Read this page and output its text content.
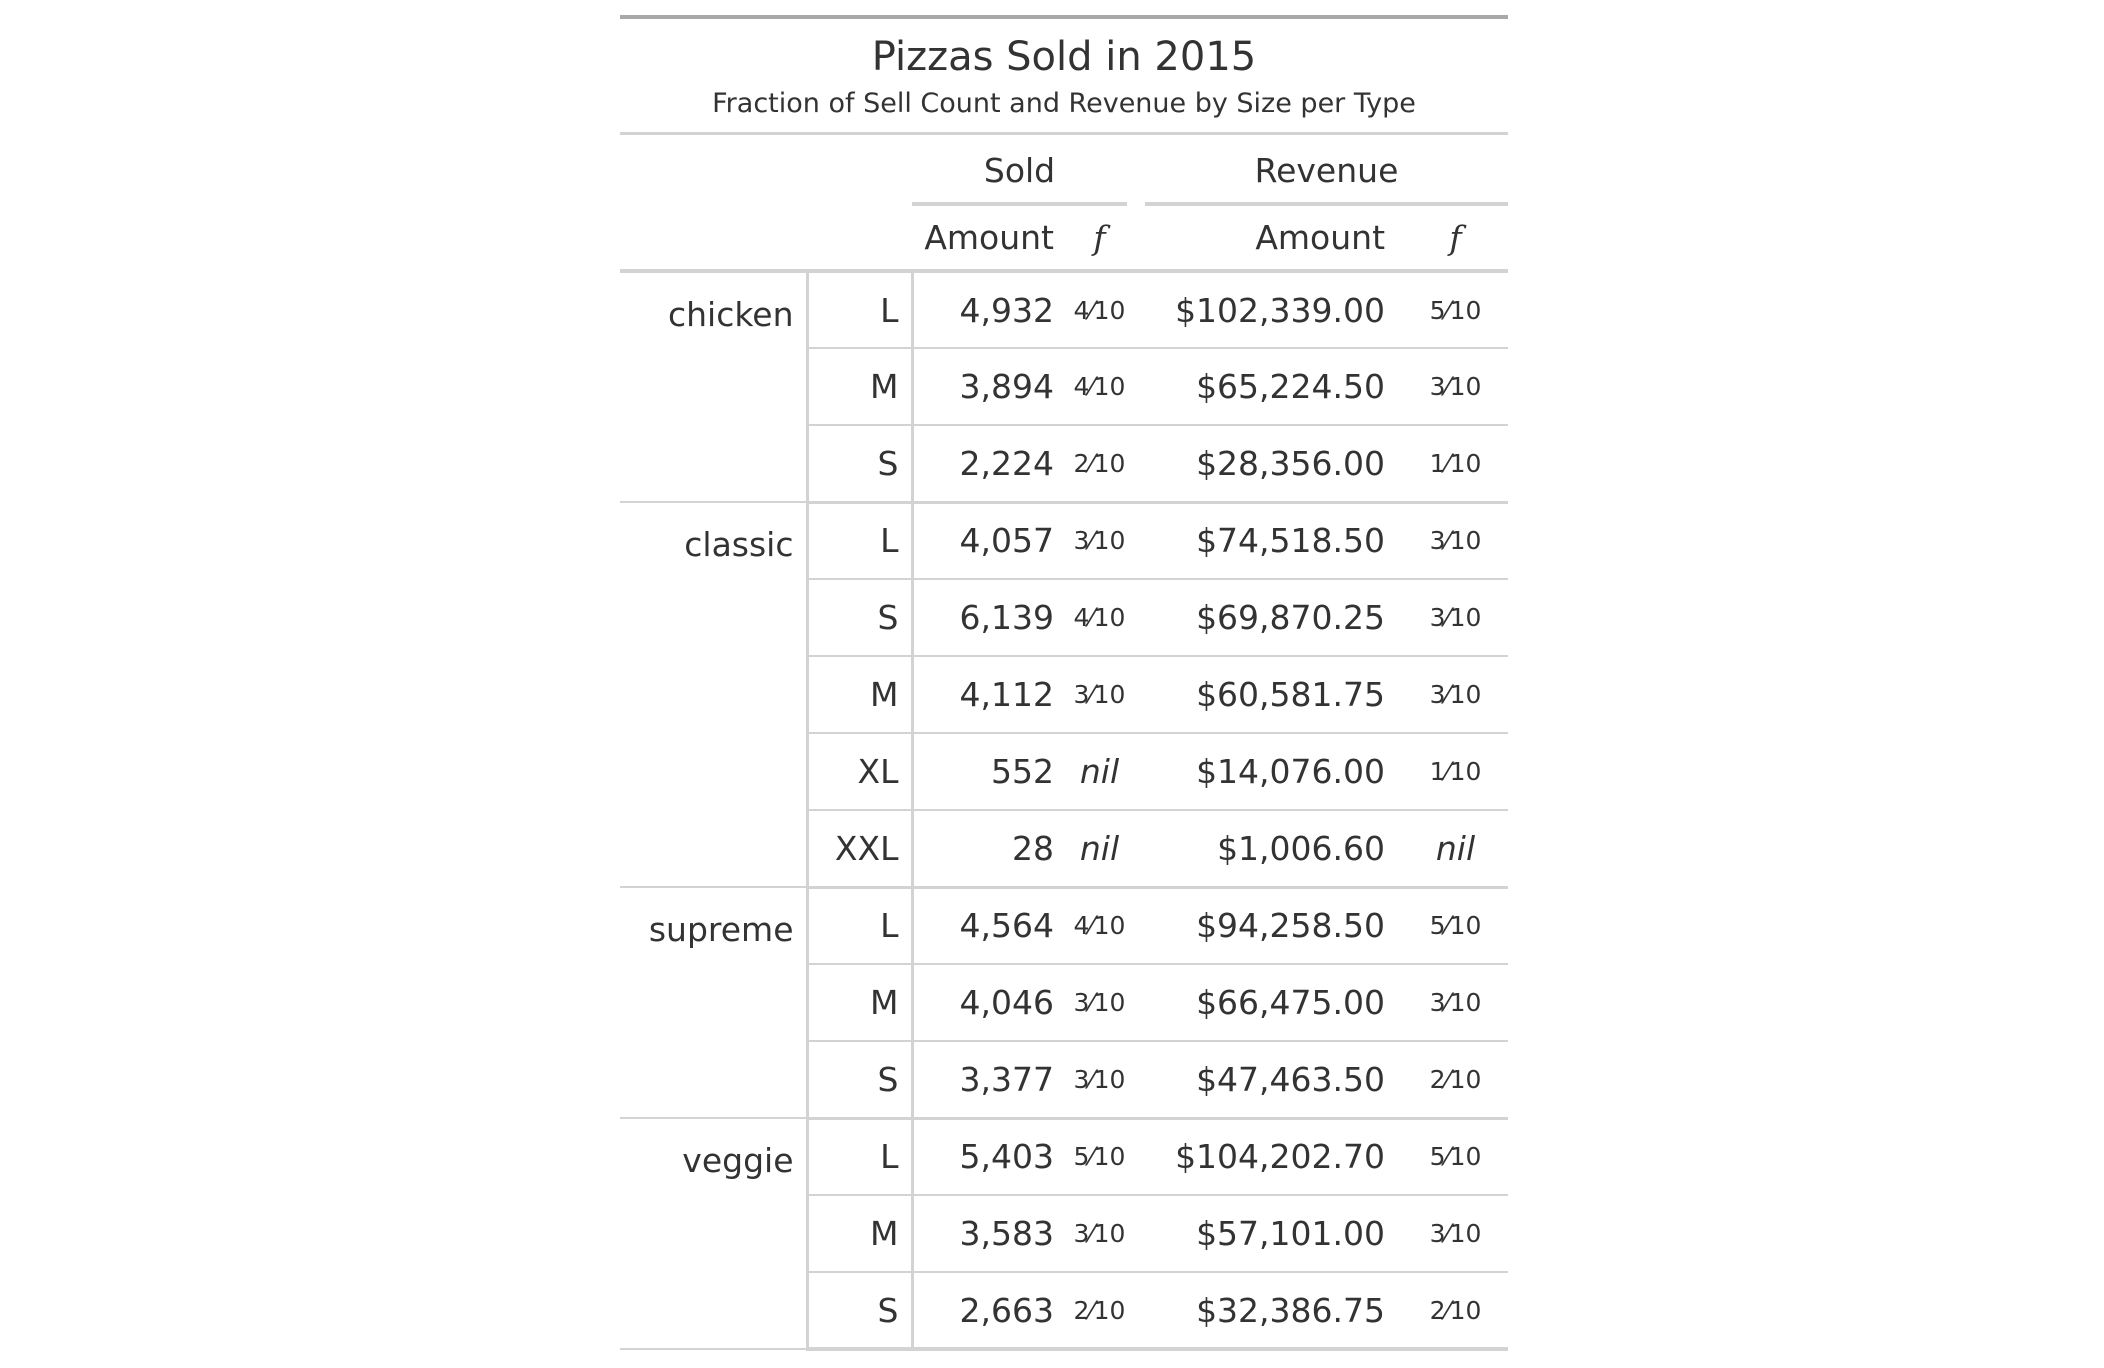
Pizzas Sold in 2015
Fraction of Sell Count and Revenue by Size per Type
		Sold			Revenue	
		Amount	f		Amount	f
chicken	L	4,932	4⁄10		$102,339.00	5⁄10
	M	3,894	4⁄10		$65,224.50	3⁄10
	S	2,224	2⁄10		$28,356.00	1⁄10
classic	L	4,057	3⁄10		$74,518.50	3⁄10
	S	6,139	4⁄10		$69,870.25	3⁄10
	M	4,112	3⁄10		$60,581.75	3⁄10
	XL	552	nil		$14,076.00	1⁄10
	XXL	28	nil		$1,006.60	nil
supreme	L	4,564	4⁄10		$94,258.50	5⁄10
	M	4,046	3⁄10		$66,475.00	3⁄10
	S	3,377	3⁄10		$47,463.50	2⁄10
veggie	L	5,403	5⁄10		$104,202.70	5⁄10
	M	3,583	3⁄10		$57,101.00	3⁄10
	S	2,663	2⁄10		$32,386.75	2⁄10
